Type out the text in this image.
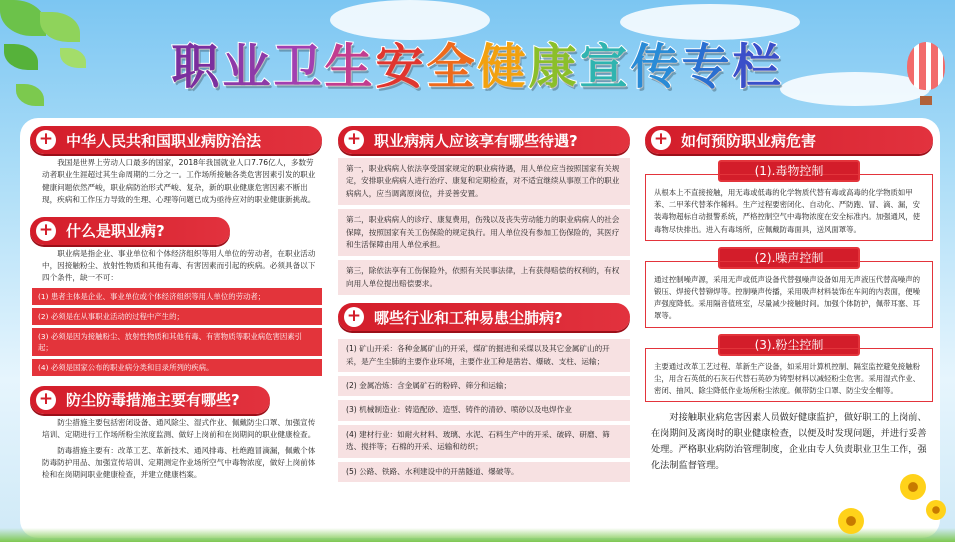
职业卫生安全健康宣传专栏
+ 中华人民共和国职业病防治法

我国是世界上劳动人口最多的国家，2018年我国就业人口7.76亿人，多数劳动者职业生涯超过其生命周期的二分之一。工作场所接触各类危害因素引发的职业健康问题依然严峻，职业病防治形式严峻、复杂，新的职业健康危害因素不断出现，疾病和工作压力导致的生理、心理等问题已成为亟待应对的职业健康新挑战。

+ 什么是职业病?

职业病是指企业、事业单位和个体经济组织等用人单位的劳动者，在职业活动中，因接触粉尘、放射性物质和其他有毒、有害因素而引起的疾病。必须具备以下四个条件，缺一不可：

(1) 患者主体是企业、事业单位或个体经济组织等用人单位的劳动者；
(2) 必须是在从事职业活动的过程中产生的；
(3) 必须是因为接触粉尘、放射性物质和其他有毒、有害物质等职业病危害因素引起；
(4) 必须是国家公布的职业病分类和目录所列的疾病。
+ 防尘防毒措施主要有哪些?

防尘措施主要包括密闭设备、通风除尘、湿式作业、佩戴防尘口罩、加强宣传培训、定期进行工作场所粉尘浓度监测、做好上岗前和在岗期间的职业健康检查。

防毒措施主要有：改革工艺、革新技术、通风排毒、杜绝跑冒滴漏，佩戴个体防毒防护用品、加强宣传培训、定期测定作业场所空气中毒物浓度，做好上岗前体检和在岗期间职业健康检查，并建立健康档案。

+ 职业病病人应该享有哪些待遇?
第一，职业病病人依法享受国家规定的职业病待遇，用人单位应当按照国家有关规定，安排职业病病人进行治疗、康复和定期检查，对不适宜继续从事原工作的职业病病人，应当调离原岗位，并妥善安置。
第二，职业病病人的诊疗、康复费用，伤残以及丧失劳动能力的职业病病人的社会保障，按照国家有关工伤保险的规定执行。用人单位没有参加工伤保险的，其医疗和生活保障由用人单位承担。
第三，除依法享有工伤保险外，依照有关民事法律，上有获得赔偿的权利的，有权向用人单位提出赔偿要求。
+ 哪些行业和工种易患尘肺病?
(1) 矿山开采：各种金属矿山的开采，煤矿的掘进和采煤以及其它金属矿山的开采，是产生尘肺的主要作业环境，主要作业工种是凿岩、爆破、支柱、运输；
(2) 金属冶炼：含金属矿石的粉碎、筛分和运输；
(3) 机械制造业：铸造配砂、造型、铸件的清砂、喷砂以及电焊作业
(4) 建材行业：如耐火材料、玻璃、水泥、石料生产中的开采、破碎、研磨、筛选、搅拌等；石棉的开采、运输和纺织；
(5) 公路、铁路、水利建设中的开凿隧道、爆破等。
+ 如何预防职业病危害
(1).毒物控制
从根本上不直接接触，用无毒或低毒的化学物质代替有毒或高毒的化学物质如甲苯、二甲苯代替苯作稀料。生产过程要密闭化、自动化、严防跑、冒、滴、漏，安装毒物超标自动报警系统，严格控制空气中毒物浓度在安全标准内。加强通风，使毒物尽快排出。进入有毒场所，应佩戴防毒面具，送风面罩等。
(2).噪声控制
通过控制噪声源，采用无声或低声设备代替强噪声设备如用无声液压代替高噪声的锻压、焊接代替铆焊等。控制噪声传播，采用吸声材料装饰在车间的内表面，便噪声强度降低。采用隔音值班室，尽量减少接触时间。加强个体防护，佩带耳塞、耳罩等。
(3).粉尘控制
主要通过改革工艺过程、革新生产设备，如采用计算机控制、隔室监控避免接触粉尘，用含石英低的石灰石代替石英砂为铸型材料以减轻粉尘危害。采用湿式作业、密闭、抽风、除尘降低作业场所粉尘浓度。佩带防尘口罩、防尘安全帽等。

对接触职业病危害因素人员做好健康监护，做好职工的上岗前、在岗期间及离岗时的职业健康检查，以便及时发现问题，并进行妥善处理。严格职业病防治管理制度，企业由专人负责职业卫生工作，强化法制监督管理。
